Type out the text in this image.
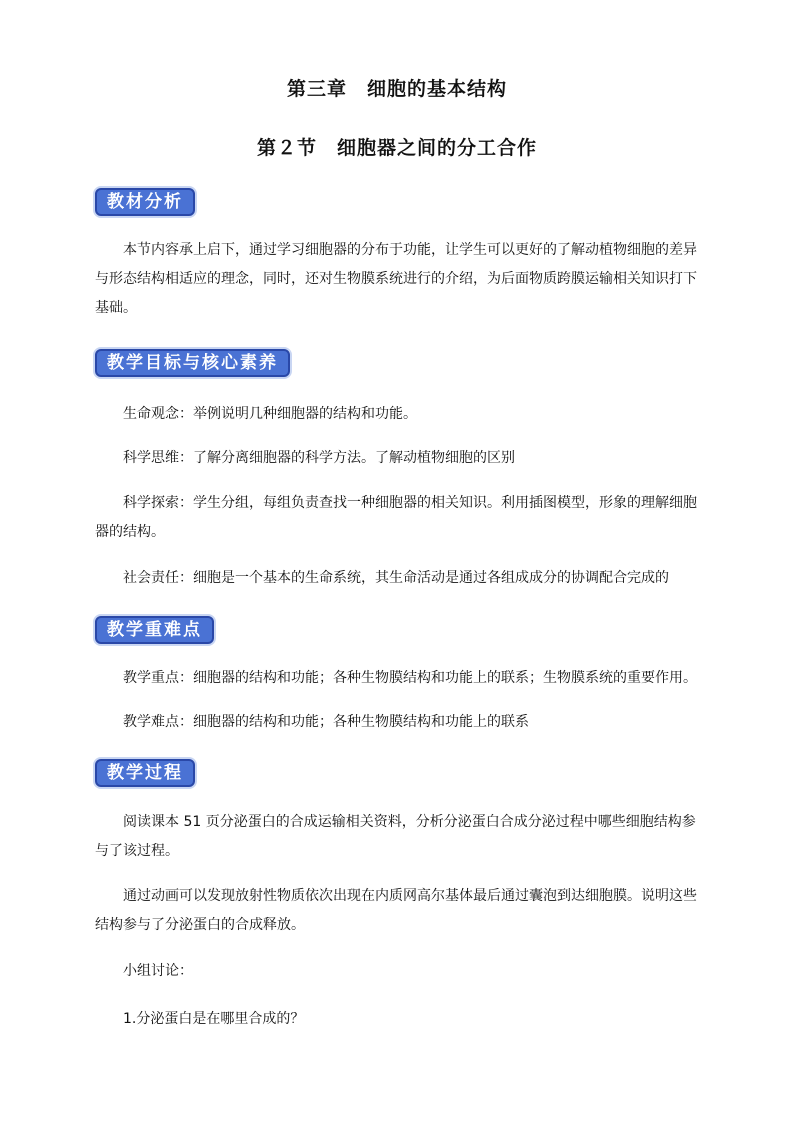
第三章 细胞的基本结构
第２节 细胞器之间的分工合作
教材分析

本节内容承上启下，通过学习细胞器的分布于功能，让学生可以更好的了解动植物细胞的差异与形态结构相适应的理念，同时，还对生物膜系统进行的介绍，为后面物质跨膜运输相关知识打下基础。

教学目标与核心素养

生命观念：举例说明几种细胞器的结构和功能。

科学思维：了解分离细胞器的科学方法。了解动植物细胞的区别

科学探索：学生分组，每组负责查找一种细胞器的相关知识。利用插图模型，形象的理解细胞器的结构。

社会责任：细胞是一个基本的生命系统，其生命活动是通过各组成成分的协调配合完成的

教学重难点

教学重点：细胞器的结构和功能；各种生物膜结构和功能上的联系；生物膜系统的重要作用。

教学难点：细胞器的结构和功能；各种生物膜结构和功能上的联系

教学过程

阅读课本 51 页分泌蛋白的合成运输相关资料，分析分泌蛋白合成分泌过程中哪些细胞结构参与了该过程。

通过动画可以发现放射性物质依次出现在内质网高尔基体最后通过囊泡到达细胞膜。说明这些结构参与了分泌蛋白的合成释放。

小组讨论：

1.分泌蛋白是在哪里合成的？
